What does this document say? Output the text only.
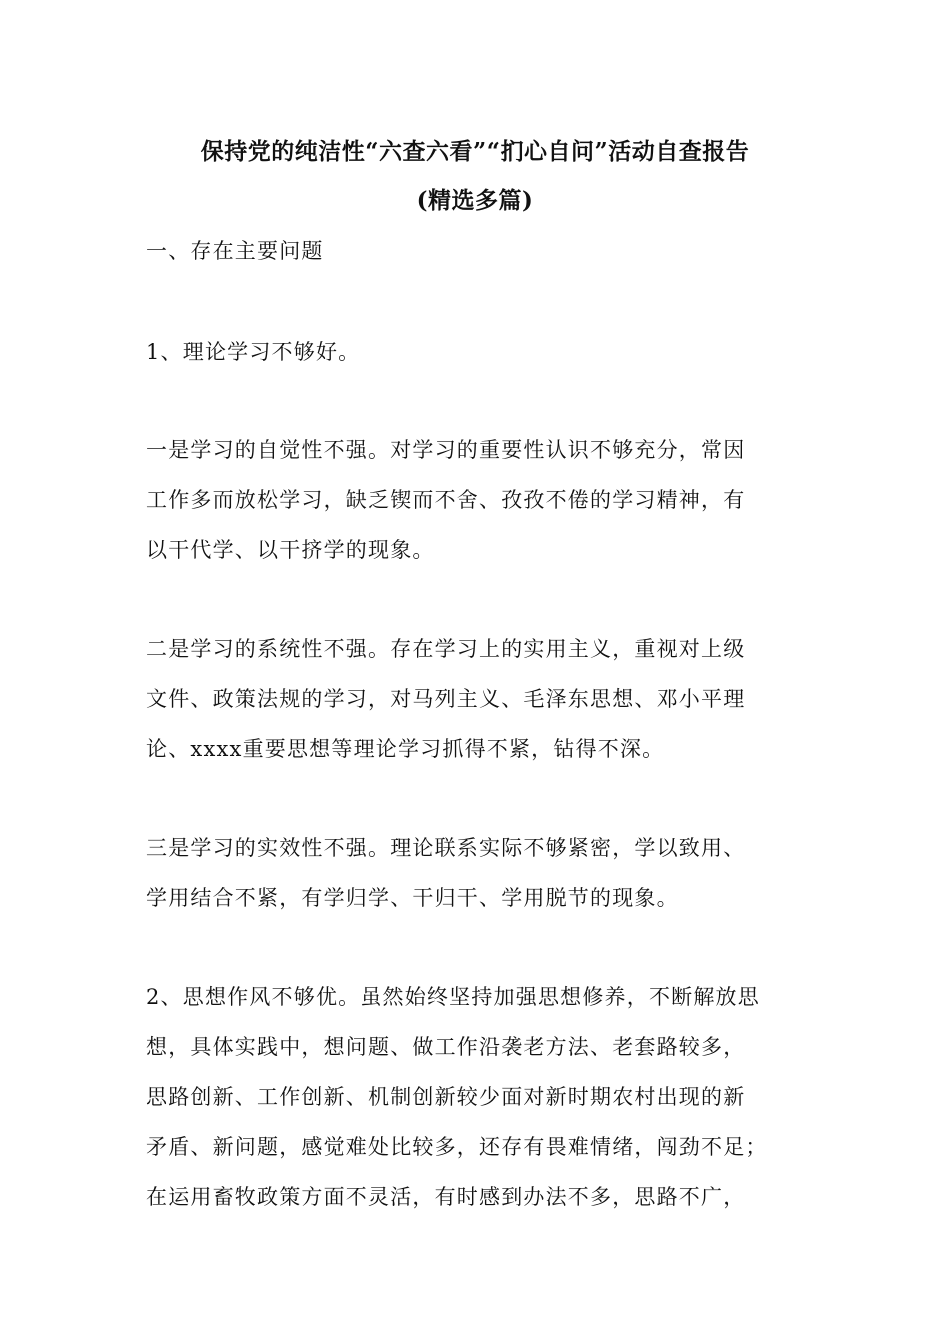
保持党的纯洁性“六查六看”“扪心自问”活动自查报告
(精选多篇)
一、存在主要问题
1、理论学习不够好。
一是学习的自觉性不强。对学习的重要性认识不够充分，常因
工作多而放松学习，缺乏锲而不舍、孜孜不倦的学习精神，有
以干代学、以干挤学的现象。
二是学习的系统性不强。存在学习上的实用主义，重视对上级
文件、政策法规的学习，对马列主义、毛泽东思想、邓小平理
论、xxxx重要思想等理论学习抓得不紧，钻得不深。
三是学习的实效性不强。理论联系实际不够紧密，学以致用、
学用结合不紧，有学归学、干归干、学用脱节的现象。
2、思想作风不够优。虽然始终坚持加强思想修养，不断解放思
想，具体实践中，想问题、做工作沿袭老方法、老套路较多，
思路创新、工作创新、机制创新较少面对新时期农村出现的新
矛盾、新问题，感觉难处比较多，还存有畏难情绪，闯劲不足；
在运用畜牧政策方面不灵活，有时感到办法不多，思路不广，
